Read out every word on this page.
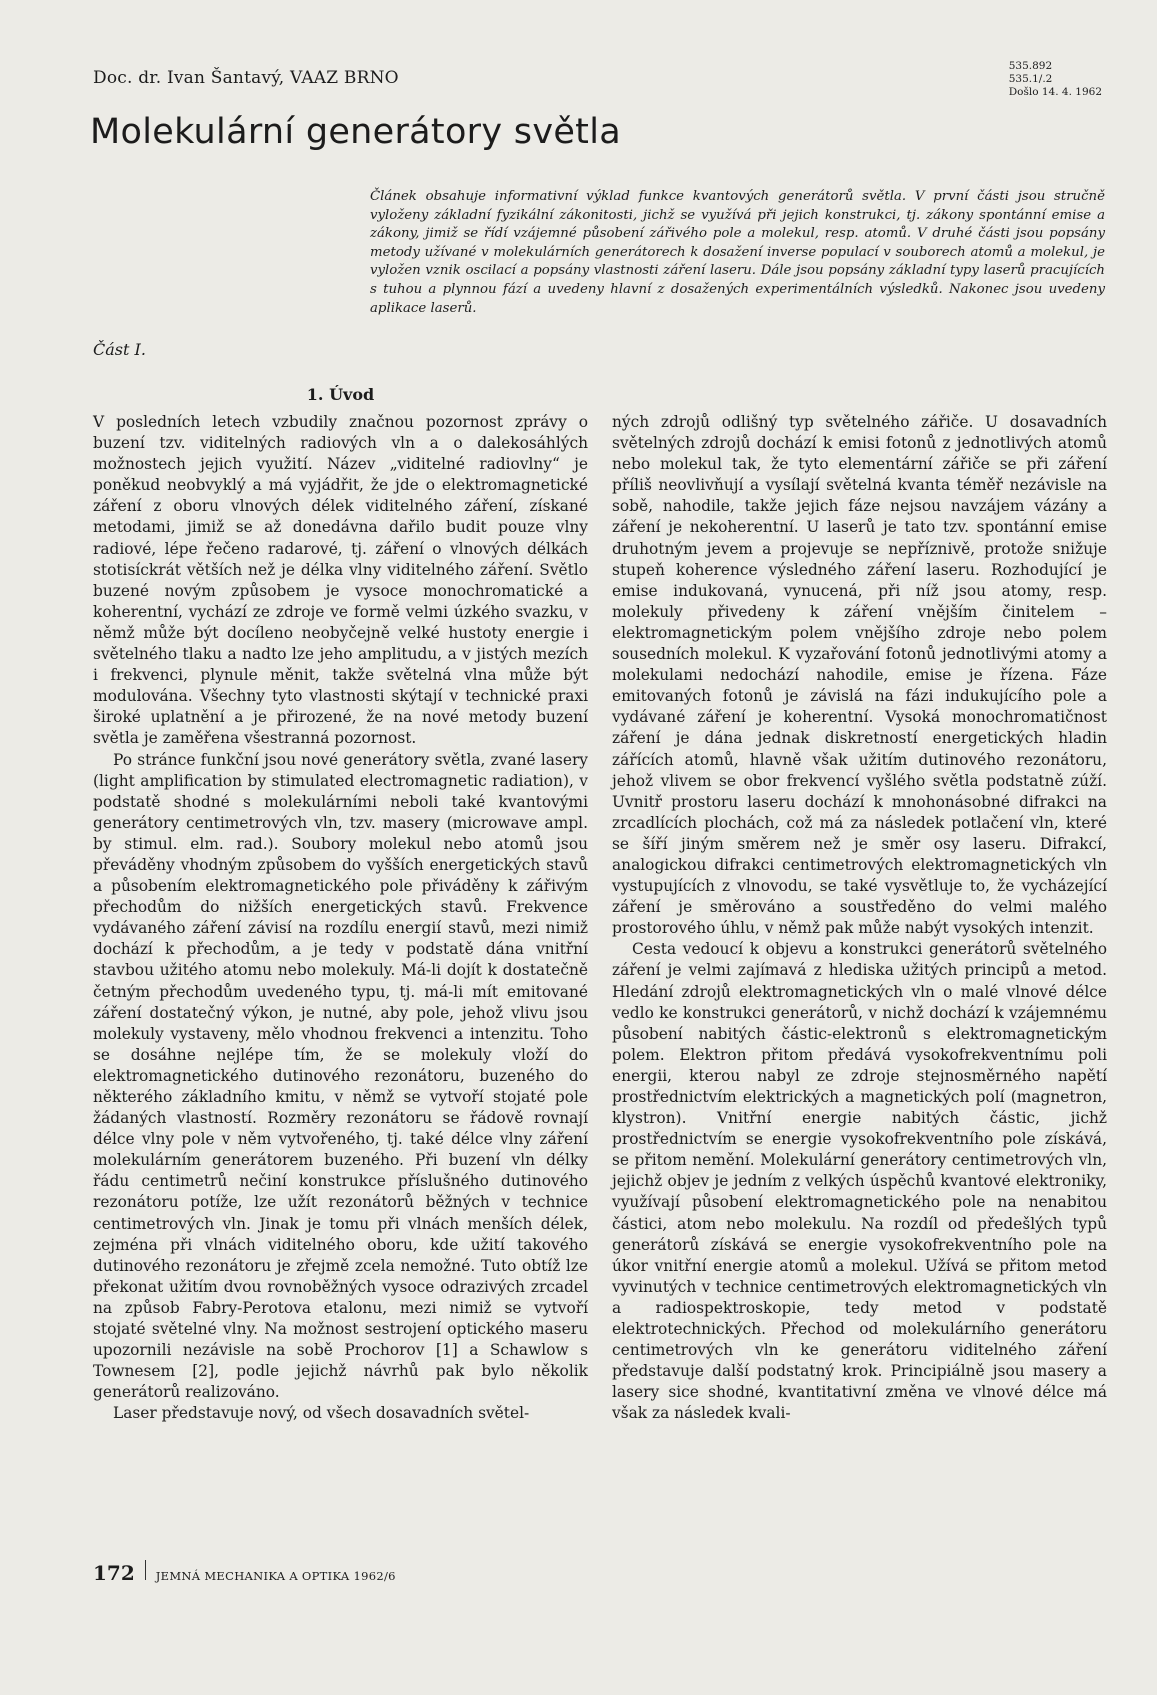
Doc. dr. Ivan Šantavý, VAAZ BRNO
535.892
535.1/.2
Došlo 14. 4. 1962
Molekulární generátory světla

Článek obsahuje informativní výklad funkce kvantových generátorů světla. V první části jsou stručně vyloženy základní fyzikální zákonitosti, jichž se využívá při jejich konstrukci, tj. zákony spontánní emise a zákony, jimiž se řídí vzájemné působení zářivého pole a molekul, resp. atomů. V druhé části jsou popsány metody užívané v molekulárních generátorech k dosažení inverse populací v souborech atomů a molekul, je vyložen vznik oscilací a popsány vlastnosti záření laseru. Dále jsou popsány základní typy laserů pracujících s tuhou a plynnou fází a uvedeny hlavní z dosažených experimentálních výsledků. Nakonec jsou uvedeny aplikace laserů.

Část I.
1. Úvod

V posledních letech vzbudily značnou pozornost zprávy o buzení tzv. viditelných radiových vln a o dalekosáhlých možnostech jejich využití. Název „viditelné radiovlny“ je poněkud neobvyklý a má vyjádřit, že jde o elektromagnetické záření z oboru vlnových délek viditelného záření, získané metodami, jimiž se až donedávna dařilo budit pouze vlny radiové, lépe řečeno radarové, tj. záření o vlnových délkách stotisíckrát větších než je délka vlny viditelného záření. Světlo buzené novým způsobem je vysoce monochromatické a koherentní, vychází ze zdroje ve formě velmi úzkého svazku, v němž může být docíleno neobyčejně velké hustoty energie i světelného tlaku a nadto lze jeho amplitudu, a v jistých mezích i frekvenci, plynule měnit, takže světelná vlna může být modulována. Všechny tyto vlastnosti skýtají v technické praxi široké uplatnění a je přirozené, že na nové metody buzení světla je zaměřena všestranná pozornost.

Po stránce funkční jsou nové generátory světla, zvané lasery (light amplification by stimulated electromagnetic radiation), v podstatě shodné s molekulárními neboli také kvantovými generátory centimetrových vln, tzv. masery (microwave ampl. by stimul. elm. rad.). Soubory molekul nebo atomů jsou převáděny vhodným způsobem do vyšších energetických stavů a působením elektromagnetického pole přiváděny k zářivým přechodům do nižších energetických stavů. Frekvence vydávaného záření závisí na rozdílu energií stavů, mezi nimiž dochází k přechodům, a je tedy v podstatě dána vnitřní stavbou užitého atomu nebo molekuly. Má-li dojít k dostatečně četným přechodům uvedeného typu, tj. má-li mít emitované záření dostatečný výkon, je nutné, aby pole, jehož vlivu jsou molekuly vystaveny, mělo vhodnou frekvenci a intenzitu. Toho se dosáhne nejlépe tím, že se molekuly vloží do elektromagnetického dutinového rezonátoru, buzeného do některého základního kmitu, v němž se vytvoří stojaté pole žádaných vlastností. Rozměry rezonátoru se řádově rovnají délce vlny pole v něm vytvořeného, tj. také délce vlny záření molekulárním generátorem buzeného. Při buzení vln délky řádu centimetrů nečiní konstrukce příslušného dutinového rezonátoru potíže, lze užít rezonátorů běžných v technice centimetrových vln. Jinak je tomu při vlnách menších délek, zejména při vlnách viditelného oboru, kde užití takového dutinového rezonátoru je zřejmě zcela nemožné. Tuto obtíž lze překonat užitím dvou rovnoběžných vysoce odrazivých zrcadel na způsob Fabry-Perotova etalonu, mezi nimiž se vytvoří stojaté světelné vlny. Na možnost sestrojení optického maseru upozornili nezávisle na sobě Prochorov [1] a Schawlow s Townesem [2], podle jejichž návrhů pak bylo několik generátorů realizováno.

Laser představuje nový, od všech dosavadních světel-

ných zdrojů odlišný typ světelného zářiče. U dosavadních světelných zdrojů dochází k emisi fotonů z jednotlivých atomů nebo molekul tak, že tyto elementární zářiče se při záření příliš neovlivňují a vysílají světelná kvanta téměř nezávisle na sobě, nahodile, takže jejich fáze nejsou navzájem vázány a záření je nekoherentní. U laserů je tato tzv. spontánní emise druhotným jevem a projevuje se nepříznivě, protože snižuje stupeň koherence výsledného záření laseru. Rozhodující je emise indukovaná, vynucená, při níž jsou atomy, resp. molekuly přivedeny k záření vnějším činitelem – elektromagnetickým polem vnějšího zdroje nebo polem sousedních molekul. K vyzařování fotonů jednotlivými atomy a molekulami nedochází nahodile, emise je řízena. Fáze emitovaných fotonů je závislá na fázi indukujícího pole a vydávané záření je koherentní. Vysoká monochromatičnost záření je dána jednak diskretností energetických hladin zářících atomů, hlavně však užitím dutinového rezonátoru, jehož vlivem se obor frekvencí vyšlého světla podstatně zúží. Uvnitř prostoru laseru dochází k mnohonásobné difrakci na zrcadlících plochách, což má za následek potlačení vln, které se šíří jiným směrem než je směr osy laseru. Difrakcí, analogickou difrakci centimetrových elektromagnetických vln vystupujících z vlnovodu, se také vysvětluje to, že vycházející záření je směrováno a soustředěno do velmi malého prostorového úhlu, v němž pak může nabýt vysokých intenzit.

Cesta vedoucí k objevu a konstrukci generátorů světelného záření je velmi zajímavá z hlediska užitých principů a metod. Hledání zdrojů elektromagnetických vln o malé vlnové délce vedlo ke konstrukci generátorů, v nichž dochází k vzájemnému působení nabitých částic-elektronů s elektromagnetickým polem. Elektron přitom předává vysokofrekventnímu poli energii, kterou nabyl ze zdroje stejnosměrného napětí prostřednictvím elektrických a magnetických polí (magnetron, klystron). Vnitřní energie nabitých částic, jichž prostřednictvím se energie vysokofrekventního pole získává, se přitom nemění. Molekulární generátory centimetrových vln, jejichž objev je jedním z velkých úspěchů kvantové elektroniky, využívají působení elektromagnetického pole na nenabitou částici, atom nebo molekulu. Na rozdíl od předešlých typů generátorů získává se energie vysokofrekventního pole na úkor vnitřní energie atomů a molekul. Užívá se přitom metod vyvinutých v technice centimetrových elektromagnetických vln a radiospektroskopie, tedy metod v podstatě elektrotechnických. Přechod od molekulárního generátoru centimetrových vln ke generátoru viditelného záření představuje další podstatný krok. Principiálně jsou masery a lasery sice shodné, kvantitativní změna ve vlnové délce má však za následek kvali-

172 JEMNÁ MECHANIKA A OPTIKA 1962/6
